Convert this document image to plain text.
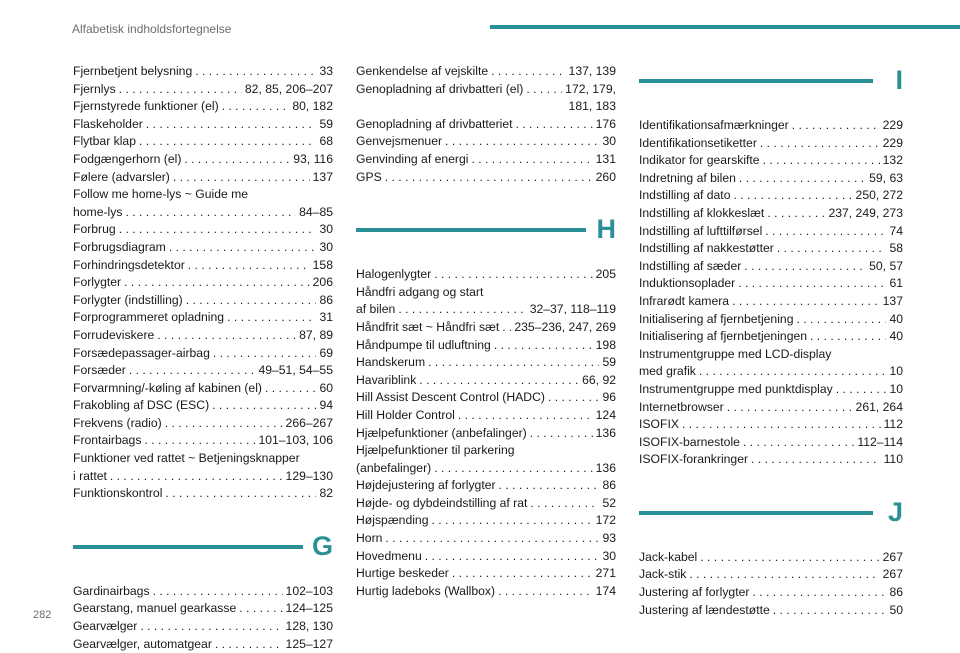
Alfabetisk indholdsfortegnelse
Fjernbetjent belysning . . .	33
Fjernlys . . .	82, 85, 206–207
Fjernstyrede funktioner (el) . . .	80, 182
Flaskeholder . . .	59
Flytbar klap . . .	68
Fodgængerhorn (el) . . .	93, 116
Følere (advarsler) . . .	137
Follow me home-lys ~ Guide me
home-lys . . .	84–85
Forbrug . . .	30
Forbrugsdiagram . . .	30
Forhindringsdetektor . . .	158
Forlygter . . .	206
Forlygter (indstilling) . . .	86
Forprogrammeret opladning . . .	31
Forrudeviskere . . .	87, 89
Forsædepassager-airbag . . .	69
Forsæder . . .	49–51, 54–55
Forvarmning/-køling af kabinen (el) . . .	60
Frakobling af DSC (ESC) . . .	94
Frekvens (radio) . . .	266–267
Frontairbags . . .	101–103, 106
Funktioner ved rattet ~ Betjeningsknapper
i rattet . . .	129–130
Funktionskontrol . . .	82
G
Gardinairbags . . .	102–103
Gearstang, manuel gearkasse . . .	124–125
Gearvælger . . .	128, 130
Gearvælger, automatgear . . .	125–127
Genkendelse af vejskilte . . .	137, 139
Genopladning af drivbatteri (el) . . .	172, 179,
181, 183
Genopladning af drivbatteriet . . .	176
Genvejsmenuer . . .	30
Genvinding af energi . . .	131
GPS . . .	260
H
Halogenlygter . . .	205
Håndfri adgang og start
af bilen . . .	32–37, 118–119
Håndfrit sæt ~ Håndfri sæt . . . 235–236, 247, 269
Håndpumpe til udluftning . . .	198
Handskerum . . .	59
Havariblink . . .	66, 92
Hill Assist Descent Control (HADC) . . .	96
Hill Holder Control . . .	124
Hjælpefunktioner (anbefalinger) . . .	136
Hjælpefunktioner til parkering
(anbefalinger) . . .	136
Højdejustering af forlygter . . .	86
Højde- og dybdeindstilling af rat . . .	52
Højspænding . . .	172
Horn . . .	93
Hovedmenu . . .	30
Hurtige beskeder . . .	271
Hurtig ladeboks (Wallbox) . . .	174
I
Identifikationsafmærkninger . . .	229
Identifikationsetiketter . . .	229
Indikator for gearskifte . . .	132
Indretning af bilen . . .	59, 63
Indstilling af dato . . .	250, 272
Indstilling af klokkeslæt . . .	237, 249, 273
Indstilling af lufttilførsel . . .	74
Indstilling af nakkestøtter . . .	58
Indstilling af sæder . . .	50, 57
Induktionsoplader . . .	61
Infrarødt kamera . . .	137
Initialisering af fjernbetjening . . .	40
Initialisering af fjernbetjeningen . . .	40
Instrumentgruppe med LCD-display
med grafik . . .	10
Instrumentgruppe med punktdisplay . . .	10
Internetbrowser . . .	261, 264
ISOFIX . . .	112
ISOFIX-barnestole . . .	112–114
ISOFIX-forankringer . . .	110
J
Jack-kabel . . .	267
Jack-stik . . .	267
Justering af forlygter . . .	86
Justering af lændestøtte . . .	50
282
